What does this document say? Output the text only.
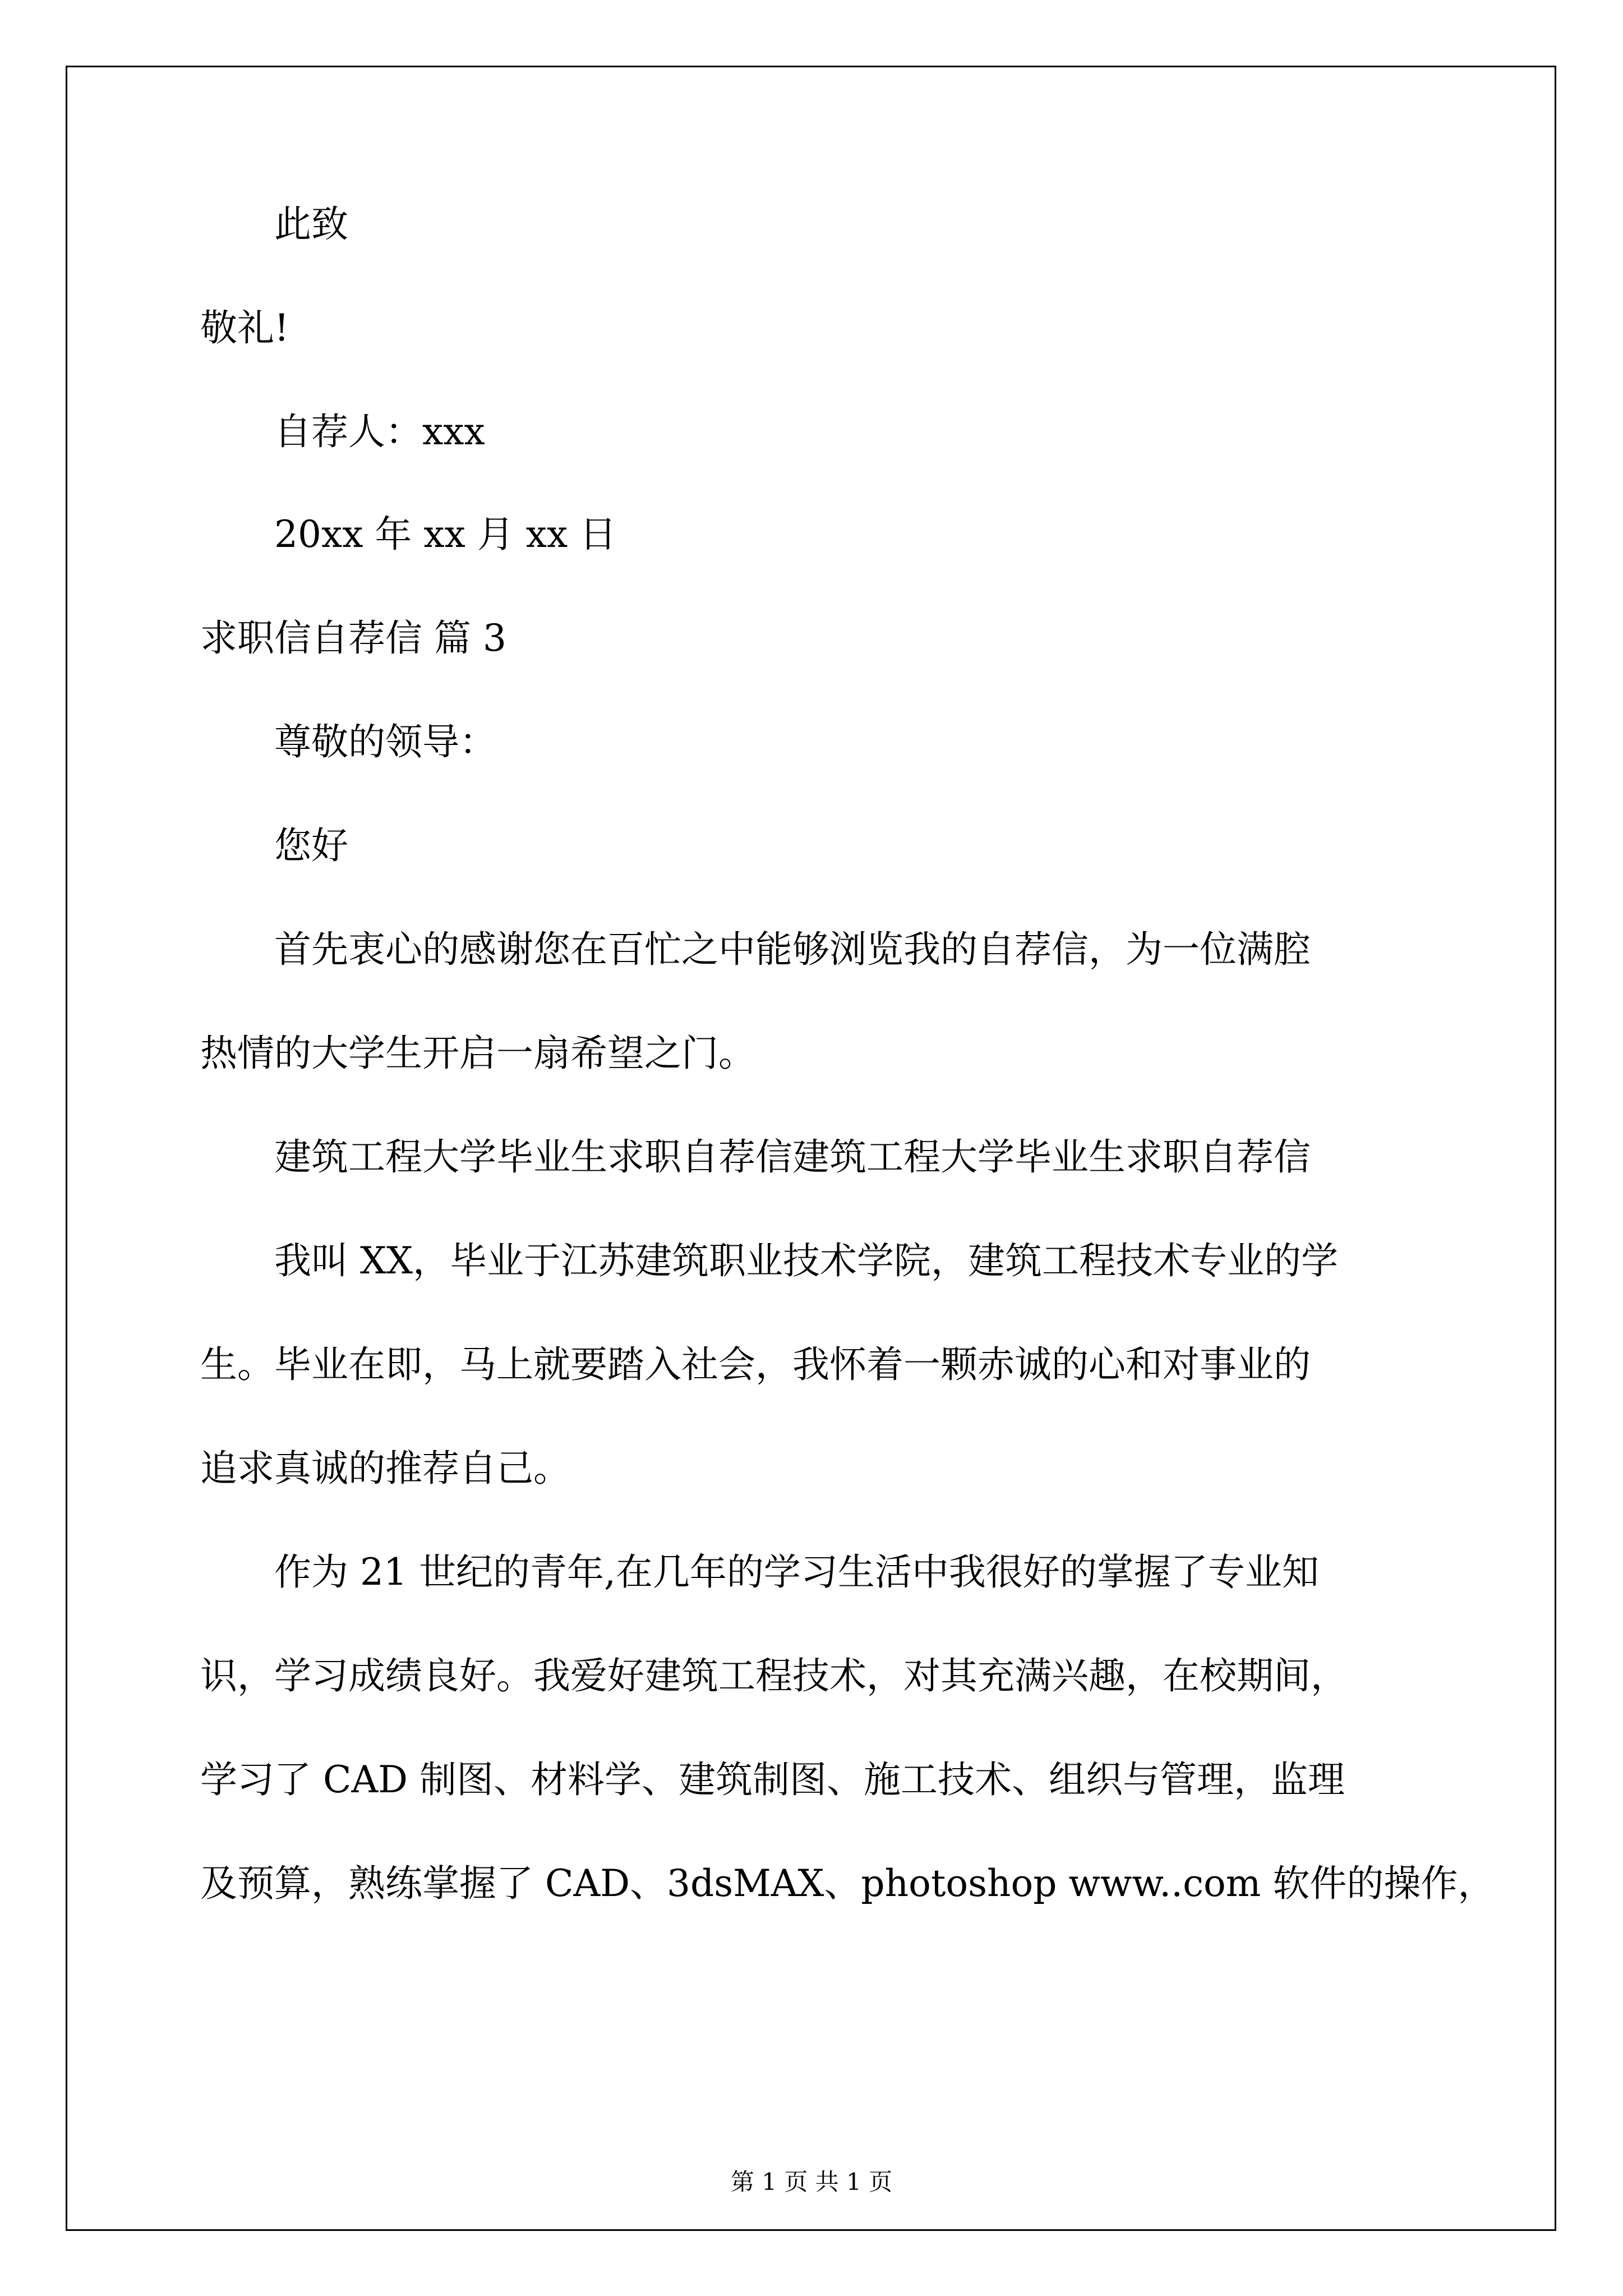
　　此致
敬礼!
　　自荐人：xxx
　　20xx 年 xx 月 xx 日
求职信自荐信 篇 3
　　尊敬的领导：
　　您好
　　首先衷心的感谢您在百忙之中能够浏览我的自荐信，为一位满腔
热情的大学生开启一扇希望之门。
　　建筑工程大学毕业生求职自荐信建筑工程大学毕业生求职自荐信
　　我叫 XX，毕业于江苏建筑职业技术学院，建筑工程技术专业的学
生。毕业在即，马上就要踏入社会，我怀着一颗赤诚的心和对事业的
追求真诚的推荐自己。
　　作为 21 世纪的青年,在几年的学习生活中我很好的掌握了专业知
识，学习成绩良好。我爱好建筑工程技术，对其充满兴趣，在校期间，
学习了 CAD 制图、材料学、建筑制图、施工技术、组织与管理，监理
及预算，熟练掌握了 CAD、3dsMAX、photoshop www..com 软件的操作，
第 1 页 共 1 页
